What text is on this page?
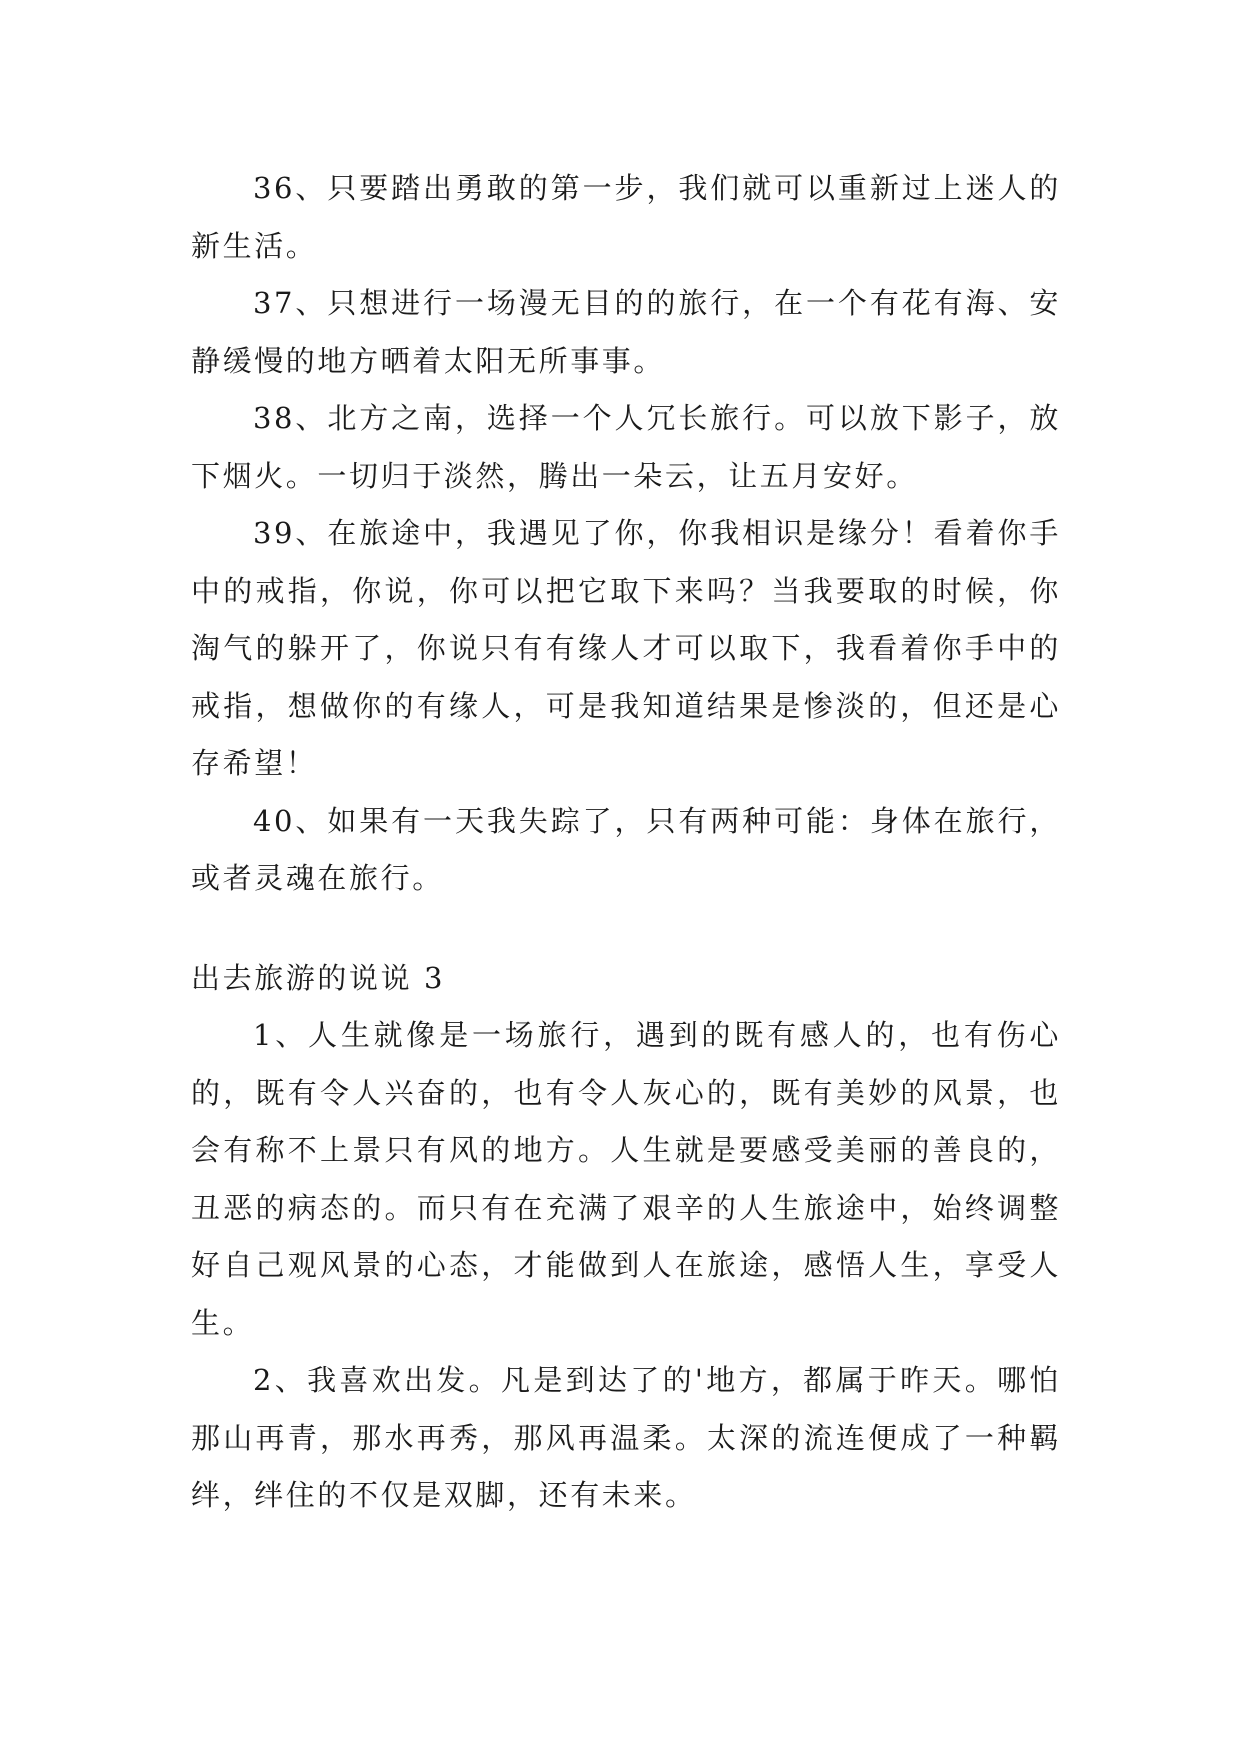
36、只要踏出勇敢的第一步，我们就可以重新过上迷人的新生活。

37、只想进行一场漫无目的的旅行，在一个有花有海、安静缓慢的地方晒着太阳无所事事。

38、北方之南，选择一个人冗长旅行。可以放下影子，放下烟火。一切归于淡然，腾出一朵云，让五月安好。

39、在旅途中，我遇见了你，你我相识是缘分！看着你手中的戒指，你说，你可以把它取下来吗？当我要取的时候，你淘气的躲开了，你说只有有缘人才可以取下，我看着你手中的戒指，想做你的有缘人，可是我知道结果是惨淡的，但还是心存希望！

40、如果有一天我失踪了，只有两种可能：身体在旅行，或者灵魂在旅行。

出去旅游的说说 3

1、人生就像是一场旅行，遇到的既有感人的，也有伤心的，既有令人兴奋的，也有令人灰心的，既有美妙的风景，也会有称不上景只有风的地方。人生就是要感受美丽的善良的，丑恶的病态的。而只有在充满了艰辛的人生旅途中，始终调整好自己观风景的心态，才能做到人在旅途，感悟人生，享受人生。

2、我喜欢出发。凡是到达了的'地方，都属于昨天。哪怕那山再青，那水再秀，那风再温柔。太深的流连便成了一种羁绊，绊住的不仅是双脚，还有未来。
